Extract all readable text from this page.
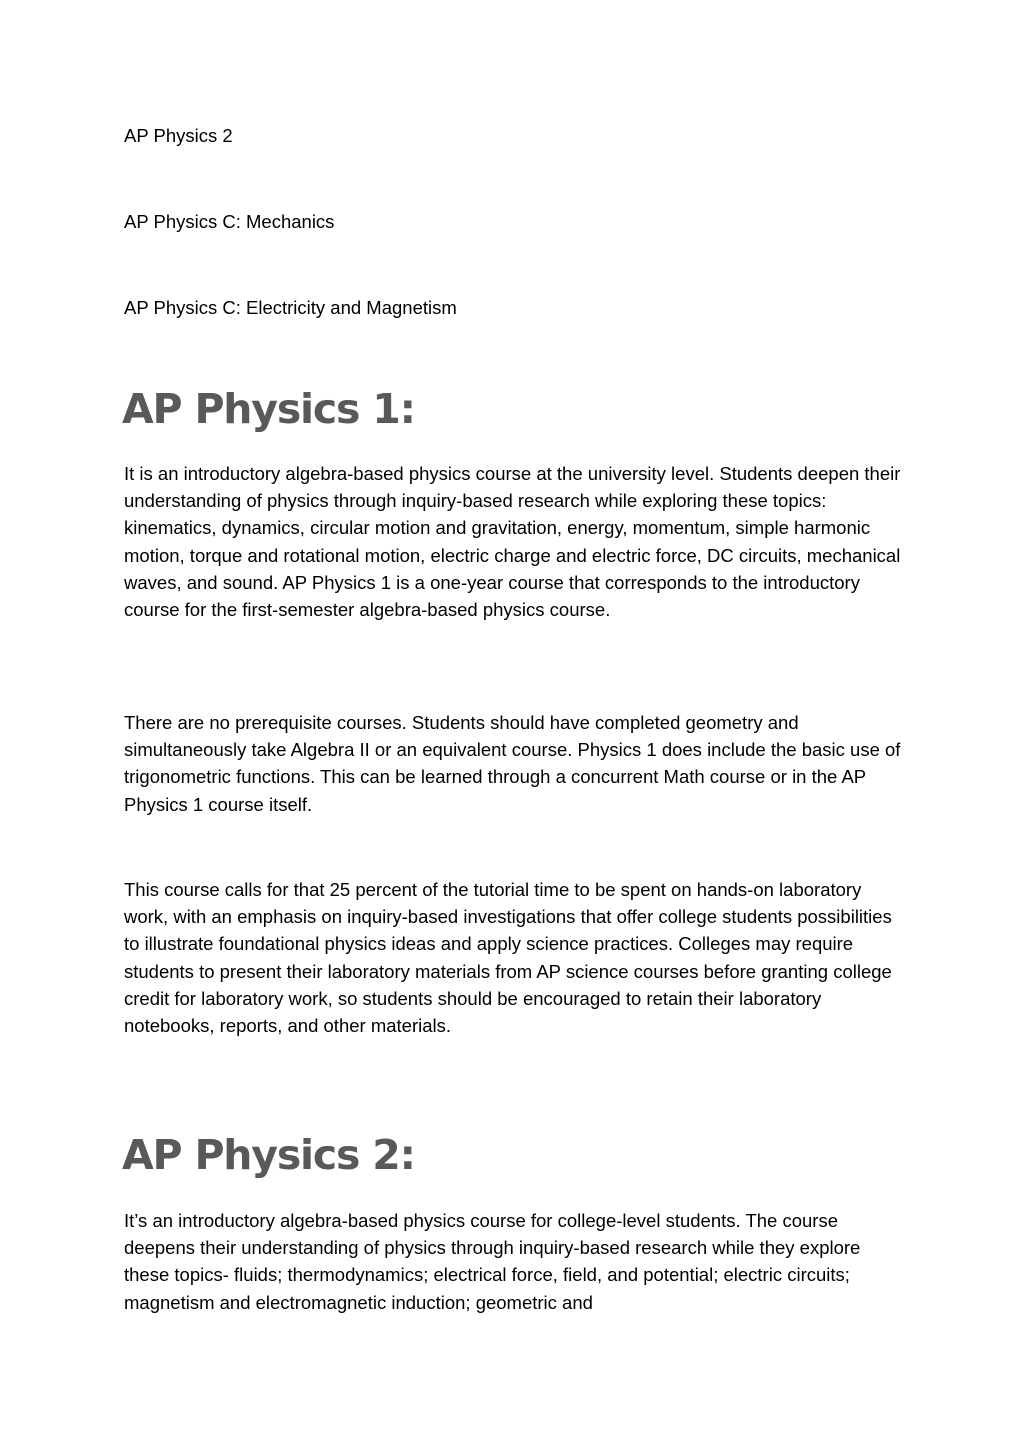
AP Physics 2
AP Physics C: Mechanics
AP Physics C: Electricity and Magnetism
AP Physics 1:

It is an introductory algebra-based physics course at the university level. Students deepen their understanding of physics through inquiry-based research while exploring these topics: kinematics, dynamics, circular motion and gravitation, energy, momentum, simple harmonic motion, torque and rotational motion, electric charge and electric force, DC circuits, mechanical waves, and sound. AP Physics 1 is a one-year course that corresponds to the introductory course for the first-semester algebra-based physics course.

There are no prerequisite courses. Students should have completed geometry and simultaneously take Algebra II or an equivalent course. Physics 1 does include the basic use of trigonometric functions. This can be learned through a concurrent Math course or in the AP Physics 1 course itself.

This course calls for that 25 percent of the tutorial time to be spent on hands-on laboratory work, with an emphasis on inquiry-based investigations that offer college students possibilities to illustrate foundational physics ideas and apply science practices. Colleges may require students to present their laboratory materials from AP science courses before granting college credit for laboratory work, so students should be encouraged to retain their laboratory notebooks, reports, and other materials.

AP Physics 2:

It’s an introductory algebra-based physics course for college-level students. The course deepens their understanding of physics through inquiry-based research while they explore these topics- fluids; thermodynamics; electrical force, field, and potential; electric circuits; magnetism and electromagnetic induction; geometric and
